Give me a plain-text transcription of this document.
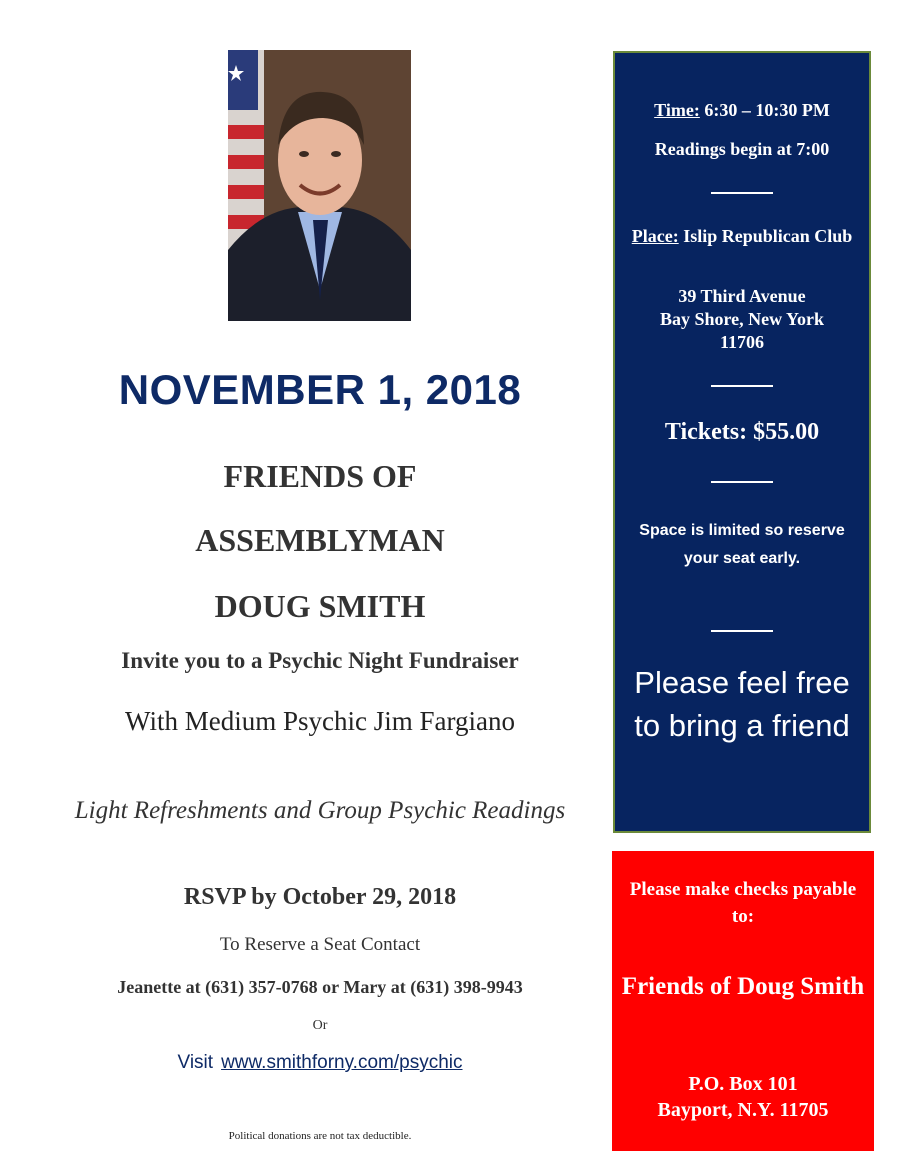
NOVEMBER 1, 2018

FRIENDS OF

ASSEMBLYMAN

DOUG SMITH

Invite you to a Psychic Night Fundraiser

With Medium Psychic Jim Fargiano

Light Refreshments and Group Psychic Readings

RSVP by October 29, 2018

To Reserve a Seat Contact

Jeanette at (631) 357-0768 or Mary at (631) 398-9943

Or

Visit www.smithforny.com/psychic

Political donations are not tax deductible.

Time: 6:30 – 10:30 PM

Readings begin at 7:00

Place: Islip Republican Club

39 Third Avenue
Bay Shore, New York
11706

Tickets: $55.00

Space is limited so reserve your seat early.

Please feel free to bring a friend

Please make checks payable to:

Friends of Doug Smith

P.O. Box 101
Bayport, N.Y. 11705
